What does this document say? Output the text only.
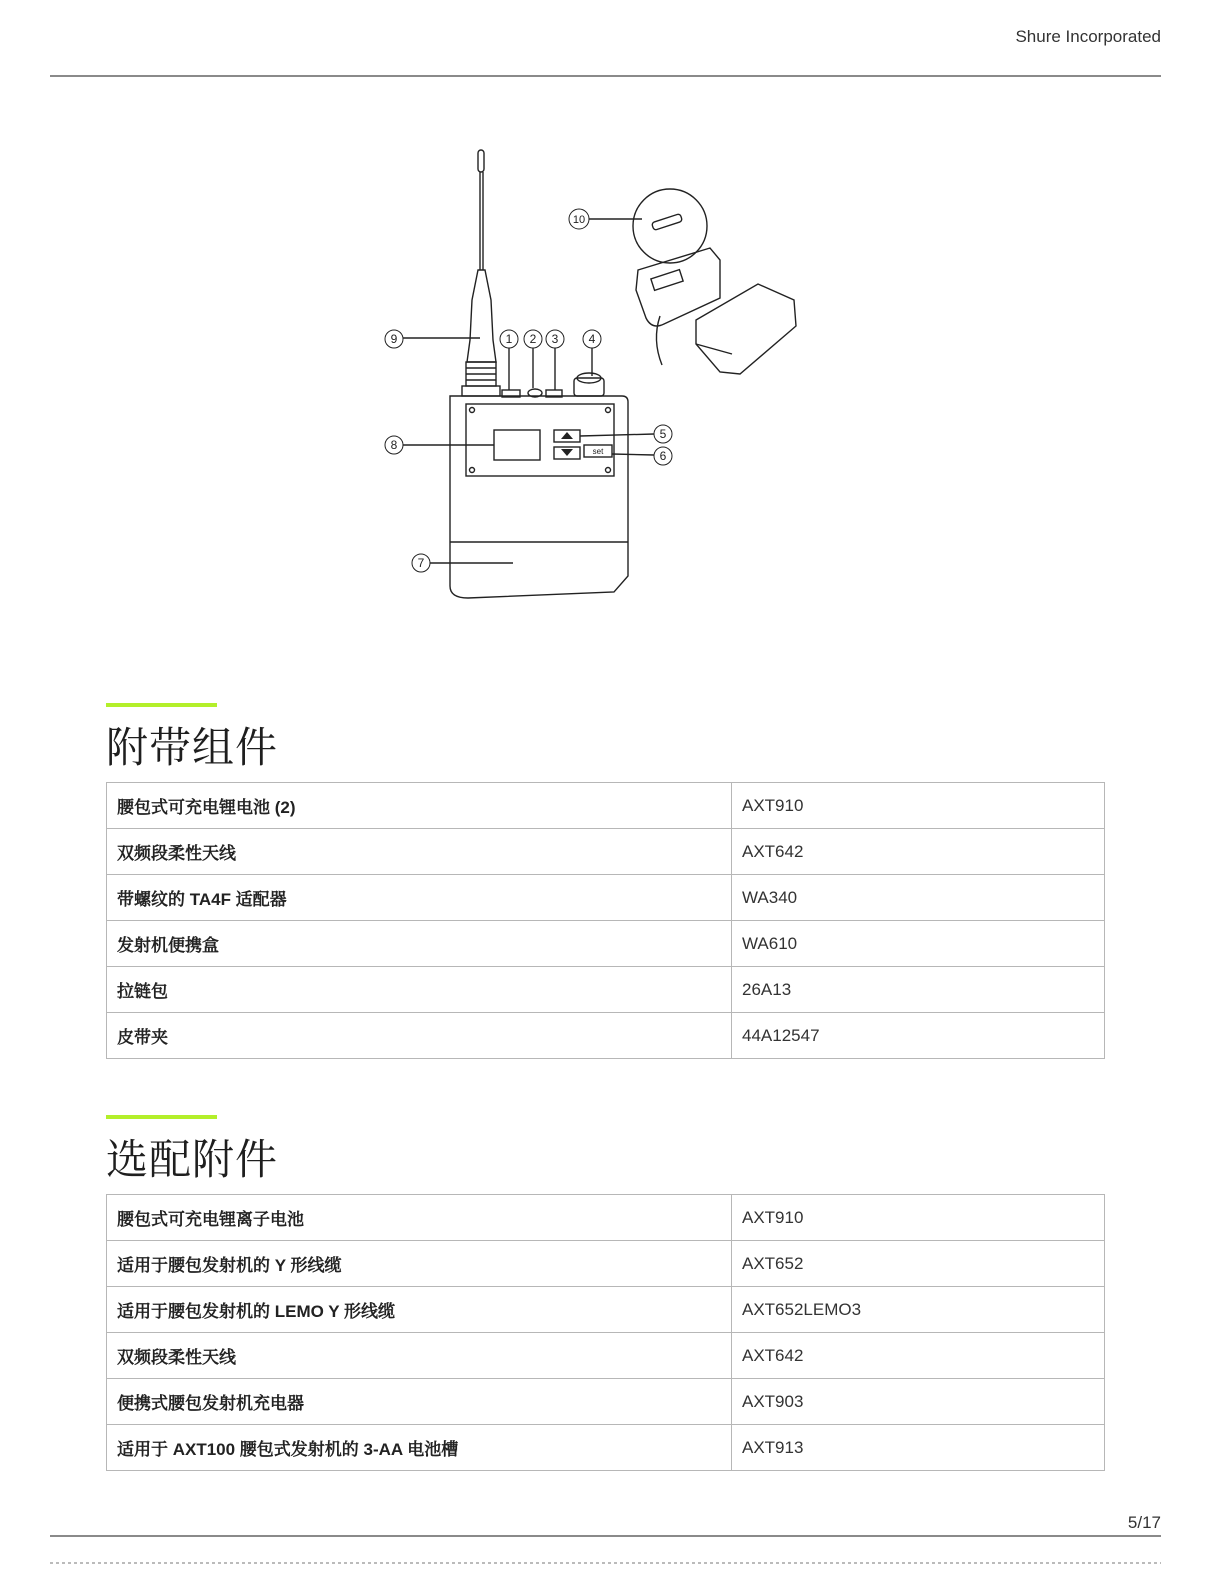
Shure Incorporated
set
1 2 3	4
5
6
7
8
9
10
附带组件
腰包式可充电锂电池 (2)	AXT910
双频段柔性天线	AXT642
带螺纹的 TA4F 适配器	WA340
发射机便携盒	WA610
拉链包	26A13
皮带夹	44A12547
选配附件
腰包式可充电锂离子电池	AXT910
适用于腰包发射机的 Y 形线缆	AXT652
适用于腰包发射机的 LEMO Y 形线缆	AXT652LEMO3
双频段柔性天线	AXT642
便携式腰包发射机充电器	AXT903
适用于 AXT100 腰包式发射机的 3-AA 电池槽	AXT913
5/17
